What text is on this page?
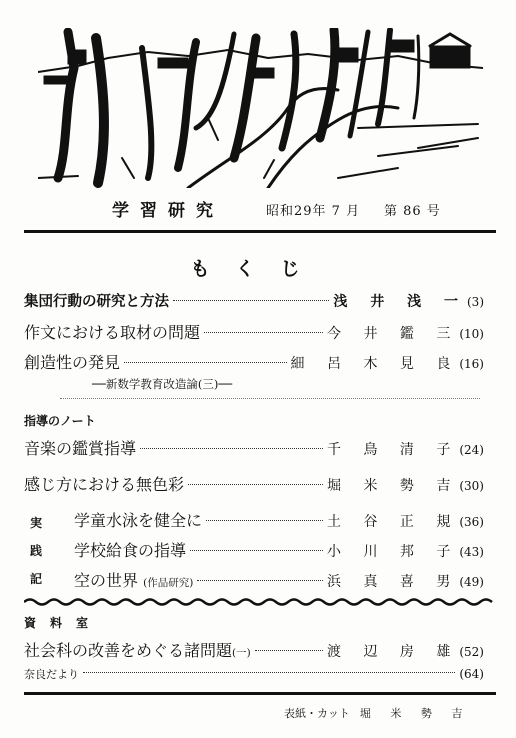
学習研究	昭和29年 7 月 第 86 号
もくじ
集団行動の研究と方法	浅 井 浅 一 (3)
作文における取材の問題	今 井 鑑 三 (10)
創造性の発見	細 呂 木 見 良 (16)
──新数学教育改造論(三)──
指導のノート
音楽の鑑賞指導	千 鳥 清 子 (24)
感じ方における無色彩	堀 米 勢 吉 (30)
実
践
記
学童水泳を健全に	土 谷 正 規 (36)
学校給食の指導	小 川 邦 子 (43)
空の世界 (作品研究)	浜 真 喜 男 (49)
資料室
社会科の改善をめぐる諸問題(一)	渡 辺 房 雄 (52)
奈良だより	(64)
表紙・カット 堀 米 勢 吉
